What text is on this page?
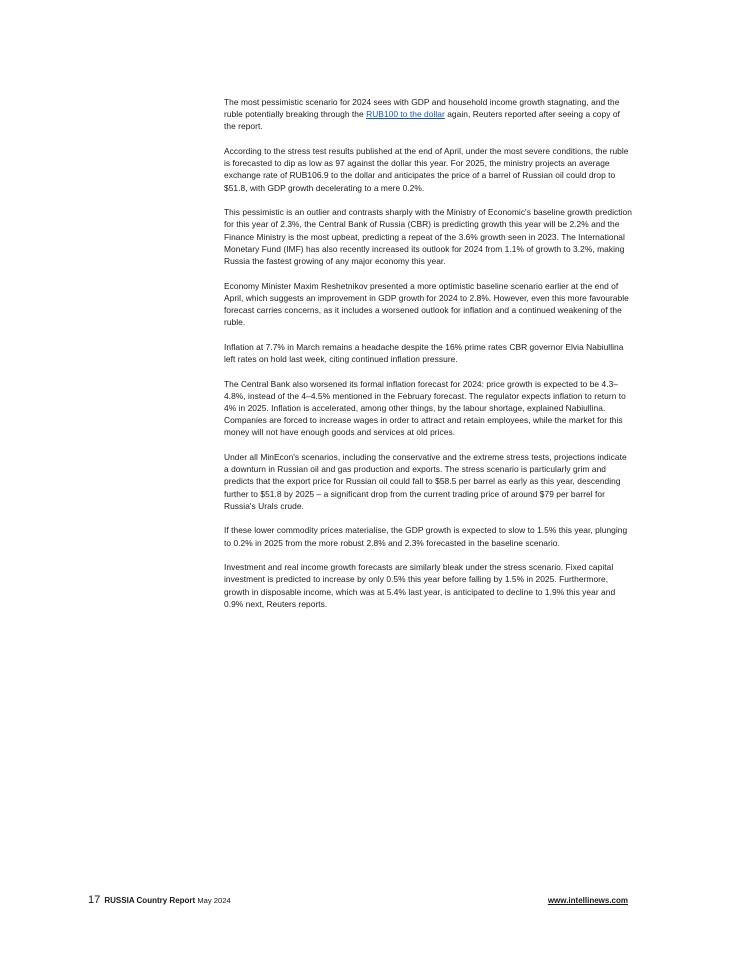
The most pessimistic scenario for 2024 sees with GDP and household income growth stagnating, and the ruble potentially breaking through the RUB100 to the dollar again, Reuters reported after seeing a copy of the report.

According to the stress test results published at the end of April, under the most severe conditions, the ruble is forecasted to dip as low as 97 against the dollar this year. For 2025, the ministry projects an average exchange rate of RUB106.9 to the dollar and anticipates the price of a barrel of Russian oil could drop to $51.8, with GDP growth decelerating to a mere 0.2%.

This pessimistic is an outlier and contrasts sharply with the Ministry of Economic's baseline growth prediction for this year of 2.3%, the Central Bank of Russia (CBR) is predicting growth this year will be 2.2% and the Finance Ministry is the most upbeat, predicting a repeat of the 3.6% growth seen in 2023. The International Monetary Fund (IMF) has also recently increased its outlook for 2024 from 1.1% of growth to 3.2%, making Russia the fastest growing of any major economy this year.

Economy Minister Maxim Reshetnikov presented a more optimistic baseline scenario earlier at the end of April, which suggests an improvement in GDP growth for 2024 to 2.8%. However, even this more favourable forecast carries concerns, as it includes a worsened outlook for inflation and a continued weakening of the ruble.

Inflation at 7.7% in March remains a headache despite the 16% prime rates CBR governor Elvia Nabiullina left rates on hold last week, citing continued inflation pressure.

The Central Bank also worsened its formal inflation forecast for 2024: price growth is expected to be 4.3–4.8%, instead of the 4–4.5% mentioned in the February forecast. The regulator expects inflation to return to 4% in 2025. Inflation is accelerated, among other things, by the labour shortage, explained Nabiullina. Companies are forced to increase wages in order to attract and retain employees, while the market for this money will not have enough goods and services at old prices.

Under all MinEcon's scenarios, including the conservative and the extreme stress tests, projections indicate a downturn in Russian oil and gas production and exports. The stress scenario is particularly grim and predicts that the export price for Russian oil could fall to $58.5 per barrel as early as this year, descending further to $51.8 by 2025 – a significant drop from the current trading price of around $79 per barrel for Russia's Urals crude.

If these lower commodity prices materialise, the GDP growth is expected to slow to 1.5% this year, plunging to 0.2% in 2025 from the more robust 2.8% and 2.3% forecasted in the baseline scenario.

Investment and real income growth forecasts are similarly bleak under the stress scenario. Fixed capital investment is predicted to increase by only 0.5% this year before falling by 1.5% in 2025. Furthermore, growth in disposable income, which was at 5.4% last year, is anticipated to decline to 1.9% this year and 0.9% next, Reuters reports.

17 RUSSIA Country Report May 2024	www.intellinews.com
